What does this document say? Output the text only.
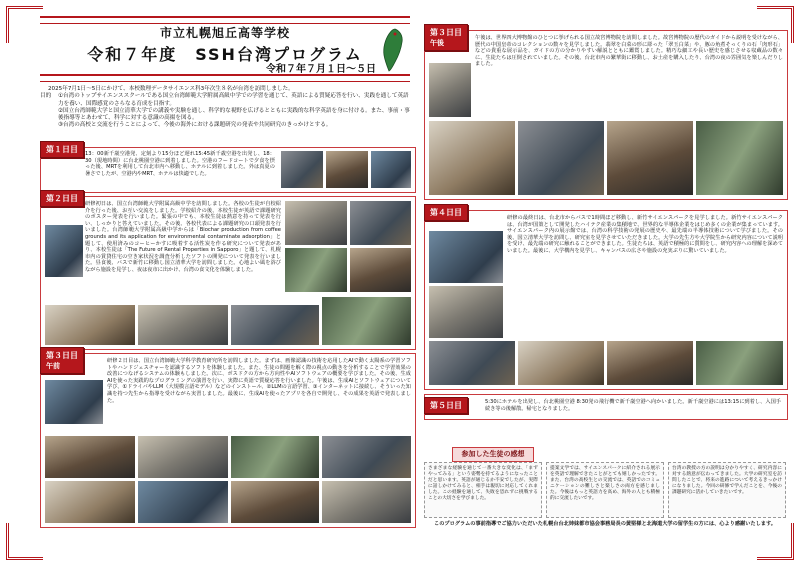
市立札幌旭丘高等学校
令和７年度　SSH台湾プログラム
令和７年７月１日～５日
2025年7月1日～5日にかけて、本校数理データサイエンス科3年次生８名が台湾を訪問しました。
目的	①台湾のトップサイエンススクールである国立台湾師範大学附属高級中学での学習を通じて、英語による質疑応答を行い、実践を通して英語力を養い、国際感覚のさらなる育成を目指す。
②国立台湾師範大学と国立清華大学での講義や実験を通し、科学的な視野を広げるとともに実践的な科学英語を身に付ける。また、事前・事後指導等とあわせて、科学に対する意識の高揚を図る。
③台湾の高校と交流を行うことによって、今後の海外における課題研究の発表や共同研究のきっかけとする。
13：00新千歳空港発、定刻より15分ほど遅れ15:45新千歳空港を出発し、18：30（現地時間）に台北桃園空港に到着しました。空港のフードコートで夕食を摂った後、MRTを利用して台北市内へ移動し、ホテルに到着しました。外は真夏の暑さでしたが、空港内やMRT、ホテルは快適でした。
第１日目
研修初日は、国立台湾師範大学附属高級中学を訪問しました。各校の生徒が自校紹介を行った後、お互い交流をしました。学校紹介の後、本校生徒が英語で課題研究のポスター発表を行いました。緊張の中でも、本校生徒は熱意を持って発表を行い、しっかりと答えていました。その後、各校代表による課題研究の口頭発表を行いました。台湾師範大学附属高級中学からは「Biochar production from coffee grounds and its application for environmental contaminate adsorption」と題して、使用済みのコーヒーかすに吸着する活性炭を作る研究について発表があり、本校生徒は「The Future of Rental Properties in Sapporo」と題して、札幌市内の賃貸住宅の空き家状況を調査分析したソフトの開発について発表を行いました。昼食後、バスで新竹に移動し国立清華大学を訪問しました。心地よい風を浴びながら施設を見学し、夜は夜市に出かけ、台湾の食文化を体験しました。
第２日目
研修２日目は、国立台湾師範大学科学教育研究所を訪問しました。まずは、画像認識の技術を応用したAIで動く太陽系の学習ソフトやハンドジェスチャーを認識するソフトを体験しました。また、生徒の問題を解く際の視点の動きを分析することで学習効果の改善につなげるシステムの体験もしました。次に、ボスドクの方から方向性やAIソフトウェアの概要を学びました。その後、生成AIを使った実践的なプログラミングの演習を行い、実際に英語で質疑応答を行いました。午後は、生成AIとソフトウェアについて学び、①ドライバやLLM（大規模言語モデル）などのインストール、②LLMの言語学習、③インターネットに接続し、そういった知識を持つ先生から指導を受けながら実習しました。最後に、生成AIを使ったアプリを各自で開発し、その成果を英語で発表しました。
第３日目
午前
午後は、世界四大博物館のひとつに挙げられる国立故宮博物院を訪問しました。故宮博物院の歴代のガイドから説明を受けながら、歴代の中国皇帝のコレクションの数々を見学しました。翡翠を白菜の形に彫った「翠玉白菜」や、豚の角煮そっくりの石「肉形石」などの貴重な展示品を、ガイドの方の分かりやすい解説とともに鑑賞しました。精巧な細工や長い歴史を感じさせる収蔵品の数々に、生徒たちは圧倒されていました。その後、台北市内の繁華街に移動し、お土産を購入したり、台湾の夜の雰囲気を楽しんだりしました。
第３日目
午後
研修の最終日は、台北市からバスで1時間ほど移動し、新竹サイエンスパークを見学しました。新竹サイエンスパークは、台湾が国策として開発したハイテク産業の集積地で、世界的な半導体企業をはじめ多くの企業が集まっています。サイエンスパーク内の展示館では、台湾の科学技術の発展の歴史や、最先端の半導体技術について学びました。その後、国立清華大学を訪問し、研究室を見学させていただきました。大学の先生方や大学院生から研究内容について説明を受け、最先端の研究に触れることができました。生徒たちは、英語で積極的に質問をし、研究内容への理解を深めていました。最後に、大学構内を見学し、キャンパスの広さや施設の充実ぶりに驚いていました。
第４日目
5:30にホテルを出発し、台北桃園空港 8:30発の飛行機で新千歳空港へ向かいました。新千歳空港には13:15に到着し、入国手続き等の後解散。帰宅となりました。
第５日目
参加した生徒の感想
さまざまな経験を通じて一番大きな変化は、「まずやってみる」という姿勢を持てるようになったことだと思います。英語が通じるか不安でしたが、実際に話しかけてみると、相手は親切に対応してくれました。この経験を通して、失敗を恐れずに挑戦することの大切さを学びました。
提案文学では、サイエンスパークに紹介される展示を英語で理解できたことがとても嬉しかったです。また、台湾の高校生との交流では、英語でのコミュニケーションの難しさと楽しさの両方を感じました。今後はもっと英語力を高め、海外の人とも積極的に交流したいです。
台湾の教授の方の説明は分かりやすく、研究内容に対する熱意が伝わってきました。大学の研究室を訪問したことで、将来の進路について考えるきっかけになりました。今回の研修で学んだことを、今後の課題研究に活かしていきたいです。
このプログラムの事前指導でご協力いただいた札幌台台北姉妹都市協会事務局長の黄堅様と北海道大学の留学生の方には、心より感謝いたします。
